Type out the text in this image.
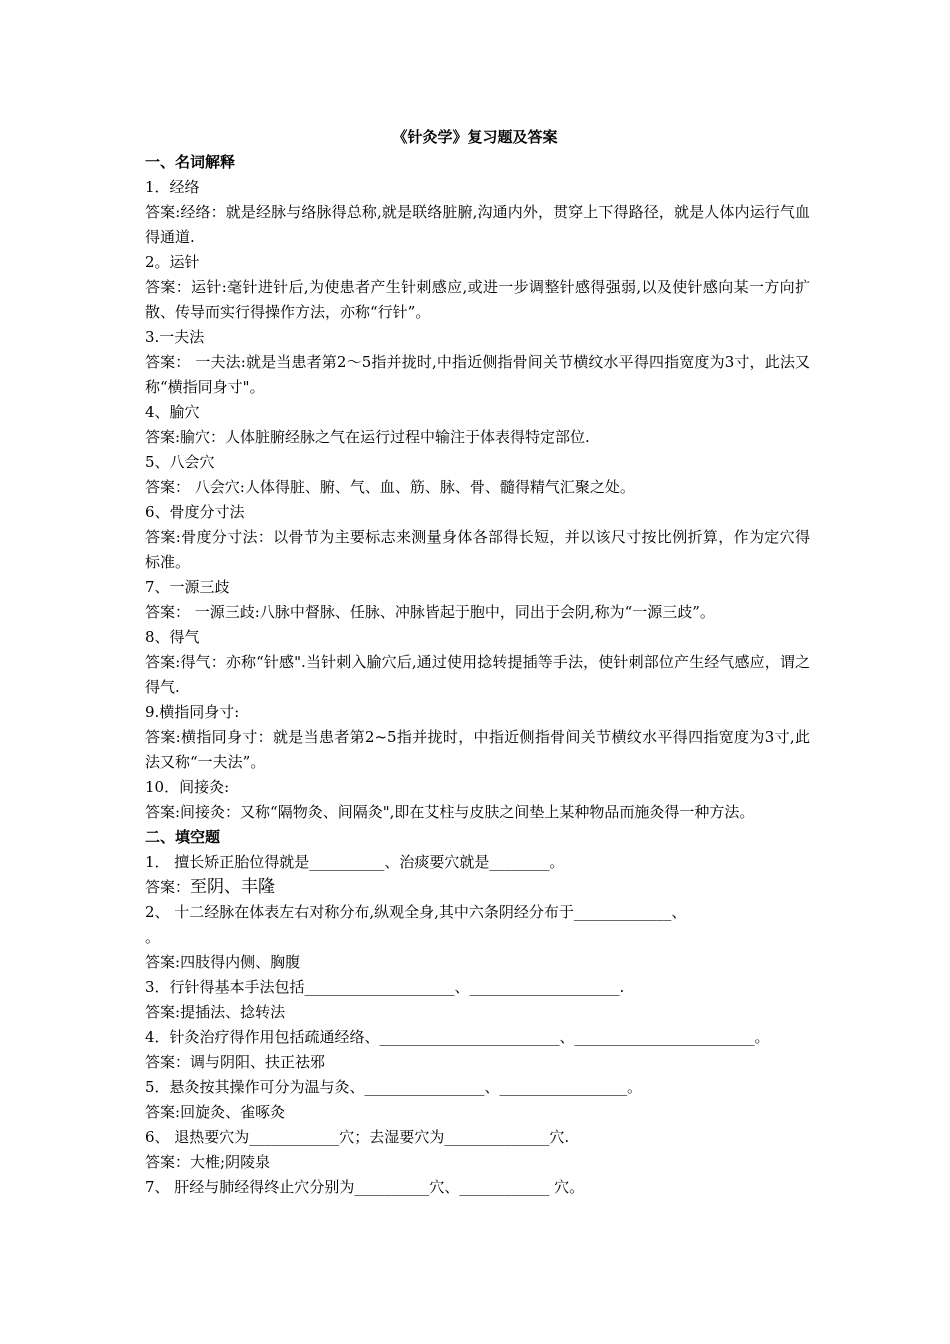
《针灸学》复习题及答案
一、名词解释
1．经络
答案:经络：就是经脉与络脉得总称,就是联络脏腑,沟通内外，贯穿上下得路径，就是人体内运行气血得通道.
2。运针
答案：运针:毫针进针后,为使患者产生针刺感应,或进一步调整针感得强弱,以及使针感向某一方向扩散、传导而实行得操作方法，亦称“行针”。
3.一夫法
答案： 一夫法:就是当患者第2～5指并拢时,中指近侧指骨间关节横纹水平得四指宽度为3寸，此法又称“横指同身寸"。
4、腧穴
答案:腧穴：人体脏腑经脉之气在运行过程中输注于体表得特定部位.
5、八会穴
答案： 八会穴:人体得脏、腑、气、血、筋、脉、骨、髓得精气汇聚之处。
6、骨度分寸法
答案:骨度分寸法：以骨节为主要标志来测量身体各部得长短，并以该尺寸按比例折算，作为定穴得标准。
7、一源三歧
答案： 一源三歧:八脉中督脉、任脉、冲脉皆起于胞中，同出于会阴,称为“一源三歧”。
8、得气
答案:得气：亦称“针感".当针刺入腧穴后,通过使用捻转提插等手法，使针刺部位产生经气感应，谓之得气.
9.横指同身寸:
答案:横指同身寸：就是当患者第2~5指并拢时，中指近侧指骨间关节横纹水平得四指宽度为3寸,此法又称“一夫法”。
10．间接灸:
答案:间接灸：又称“隔物灸、间隔灸",即在艾柱与皮肤之间垫上某种物品而施灸得一种方法。
二、填空题
1． 擅长矫正胎位得就是__________、治痰要穴就是________。
答案：至阴、丰隆
2、 十二经脉在体表左右对称分布,纵观全身,其中六条阴经分布于_____________、
。
答案:四肢得内侧、胸腹
3．行针得基本手法包括____________________、____________________.
答案:提插法、捻转法
4．针灸治疗得作用包括疏通经络、________________________、________________________。
答案：调与阴阳、扶正祛邪
5．悬灸按其操作可分为温与灸、________________、_________________。
答案:回旋灸、雀啄灸
6、 退热要穴为____________穴；去湿要穴为______________穴.
答案：大椎;阴陵泉
7、 肝经与肺经得终止穴分别为__________穴、____________ 穴。
